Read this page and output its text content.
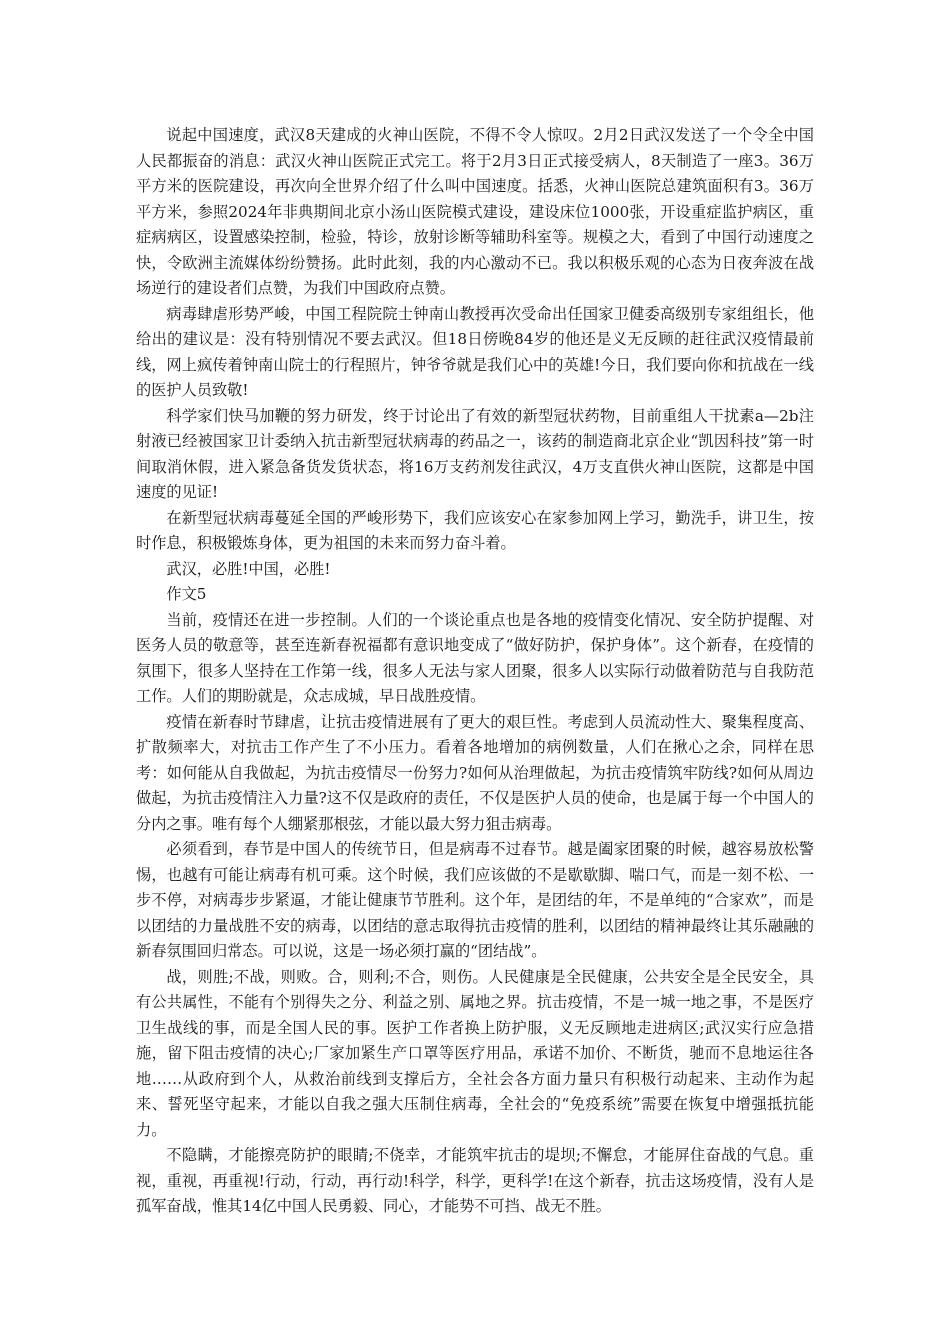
说起中国速度，武汉8天建成的火神山医院，不得不令人惊叹。2月2日武汉发送了一个令全中国人民都振奋的消息：武汉火神山医院正式完工。将于2月3日正式接受病人，8天制造了一座3。36万平方米的医院建设，再次向全世界介绍了什么叫中国速度。括悉，火神山医院总建筑面积有3。36万平方米，参照2024年非典期间北京小汤山医院模式建设，建设床位1000张，开设重症监护病区，重症病病区，设置感染控制，检验，特诊，放射诊断等辅助科室等。规模之大，看到了中国行动速度之快，令欧洲主流媒体纷纷赞扬。此时此刻，我的内心激动不已。我以积极乐观的心态为日夜奔波在战场逆行的建设者们点赞，为我们中国政府点赞。

病毒肆虐形势严峻，中国工程院院士钟南山教授再次受命出任国家卫健委高级别专家组组长，他给出的建议是：没有特别情况不要去武汉。但18日傍晚84岁的他还是义无反顾的赶往武汉疫情最前线，网上疯传着钟南山院士的行程照片，钟爷爷就是我们心中的英雄!今日，我们要向你和抗战在一线的医护人员致敬!

科学家们快马加鞭的努力研发，终于讨论出了有效的新型冠状药物，目前重组人干扰素a—2b注射液已经被国家卫计委纳入抗击新型冠状病毒的药品之一，该药的制造商北京企业“凯因科技”第一时间取消休假，进入紧急备货发货状态，将16万支药剂发往武汉，4万支直供火神山医院，这都是中国速度的见证!

在新型冠状病毒蔓延全国的严峻形势下，我们应该安心在家参加网上学习，勤洗手，讲卫生，按时作息，积极锻炼身体，更为祖国的未来而努力奋斗着。

武汉，必胜!中国，必胜!

作文5

当前，疫情还在进一步控制。人们的一个谈论重点也是各地的疫情变化情况、安全防护提醒、对医务人员的敬意等，甚至连新春祝福都有意识地变成了“做好防护，保护身体”。这个新春，在疫情的氛围下，很多人坚持在工作第一线，很多人无法与家人团聚，很多人以实际行动做着防范与自我防范工作。人们的期盼就是，众志成城，早日战胜疫情。

疫情在新春时节肆虐，让抗击疫情进展有了更大的艰巨性。考虑到人员流动性大、聚集程度高、扩散频率大，对抗击工作产生了不小压力。看着各地增加的病例数量，人们在揪心之余，同样在思考：如何能从自我做起，为抗击疫情尽一份努力?如何从治理做起，为抗击疫情筑牢防线?如何从周边做起，为抗击疫情注入力量?这不仅是政府的责任，不仅是医护人员的使命，也是属于每一个中国人的分内之事。唯有每个人绷紧那根弦，才能以最大努力狙击病毒。

必须看到，春节是中国人的传统节日，但是病毒不过春节。越是阖家团聚的时候，越容易放松警惕，也越有可能让病毒有机可乘。这个时候，我们应该做的不是歇歇脚、喘口气，而是一刻不松、一步不停，对病毒步步紧逼，才能让健康节节胜利。这个年，是团结的年，不是单纯的“合家欢”，而是以团结的力量战胜不安的病毒，以团结的意志取得抗击疫情的胜利，以团结的精神最终让其乐融融的新春氛围回归常态。可以说，这是一场必须打赢的“团结战”。

战，则胜;不战，则败。合，则利;不合，则伤。人民健康是全民健康，公共安全是全民安全，具有公共属性，不能有个别得失之分、利益之别、属地之界。抗击疫情，不是一城一地之事，不是医疗卫生战线的事，而是全国人民的事。医护工作者换上防护服，义无反顾地走进病区;武汉实行应急措施，留下阻击疫情的决心;厂家加紧生产口罩等医疗用品，承诺不加价、不断货，驰而不息地运往各地……从政府到个人，从救治前线到支撑后方，全社会各方面力量只有积极行动起来、主动作为起来、誓死坚守起来，才能以自我之强大压制住病毒，全社会的“免疫系统”需要在恢复中增强抵抗能力。

不隐瞒，才能擦亮防护的眼睛;不侥幸，才能筑牢抗击的堤坝;不懈怠，才能屏住奋战的气息。重视，重视，再重视!行动，行动，再行动!科学，科学，更科学!在这个新春，抗击这场疫情，没有人是孤军奋战，惟其14亿中国人民勇毅、同心，才能势不可挡、战无不胜。
